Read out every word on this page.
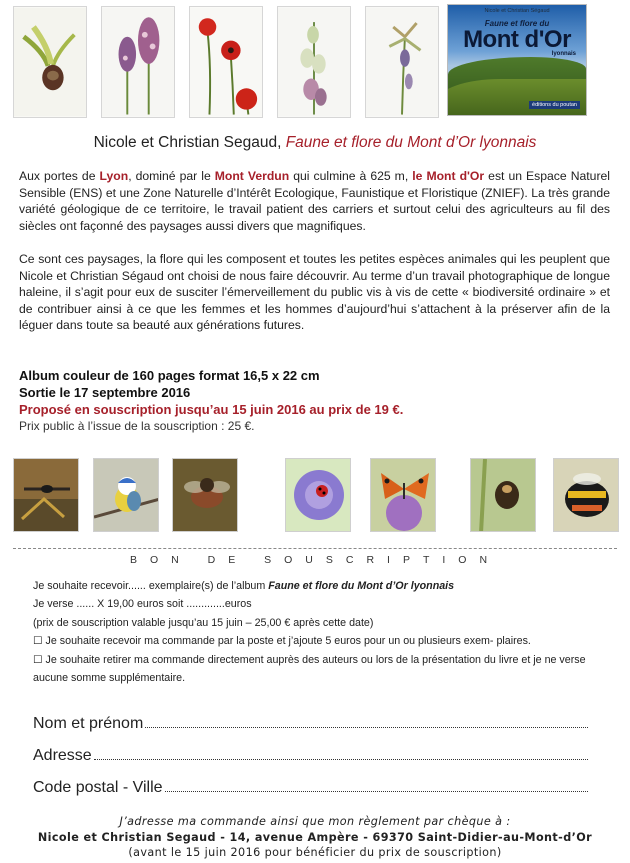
Nicole et Christian Ségaud
Faune et flore du
Mont d'Or
lyonnais
éditions du poutan
Nicole et Christian Segaud, Faune et flore du Mont d’Or lyonnais

Aux portes de Lyon, dominé par le Mont Verdun qui culmine à 625 m, le Mont d'Or est un Espace Naturel Sensible (ENS) et une Zone Naturelle d’Intérêt Ecologique, Faunistique et Floristique (ZNIEF). La très grande variété géologique de ce territoire, le travail patient des carriers et surtout celui des agriculteurs au fil des siècles ont façonné des paysages aussi divers que magnifiques.

Ce sont ces paysages, la flore qui les composent et toutes les petites espèces animales qui les peuplent que Nicole et Christian Ségaud ont choisi de nous faire découvrir. Au terme d’un travail photographique de longue haleine, il s’agit pour eux de susciter l’émerveillement du public vis à vis de cette « biodiversité ordinaire » et de contribuer ainsi à ce que les femmes et les hommes d’aujourd’hui s’attachent à la préserver afin de la léguer dans toute sa beauté aux générations futures.

Album couleur de 160 pages format 16,5 x 22 cm
Sortie le 17 septembre 2016
Proposé en souscription jusqu’au 15 juin 2016 au prix de 19 €.
Prix public à l’issue de la souscription : 25 €.
BON DE SOUSCRIPTION
Je souhaite recevoir...... exemplaire(s) de l’album Faune et flore du Mont d’Or lyonnais
Je verse ...... X 19,00 euros soit .............euros
(prix de souscription valable jusqu’au 15 juin – 25,00 € après cette date)
☐ Je souhaite recevoir ma commande par la poste et j’ajoute 5 euros pour un ou plusieurs exem- plaires.
☐ Je souhaite retirer ma commande directement auprès des auteurs ou lors de la présentation du livre et je ne verse aucune somme supplémentaire.
Nom et prénom
Adresse
Code postal - Ville
J’adresse ma commande ainsi que mon règlement par chèque à :
Nicole et Christian Segaud - 14, avenue Ampère - 69370 Saint-Didier-au-Mont-d’Or
(avant le 15 juin 2016 pour bénéficier du prix de souscription)
